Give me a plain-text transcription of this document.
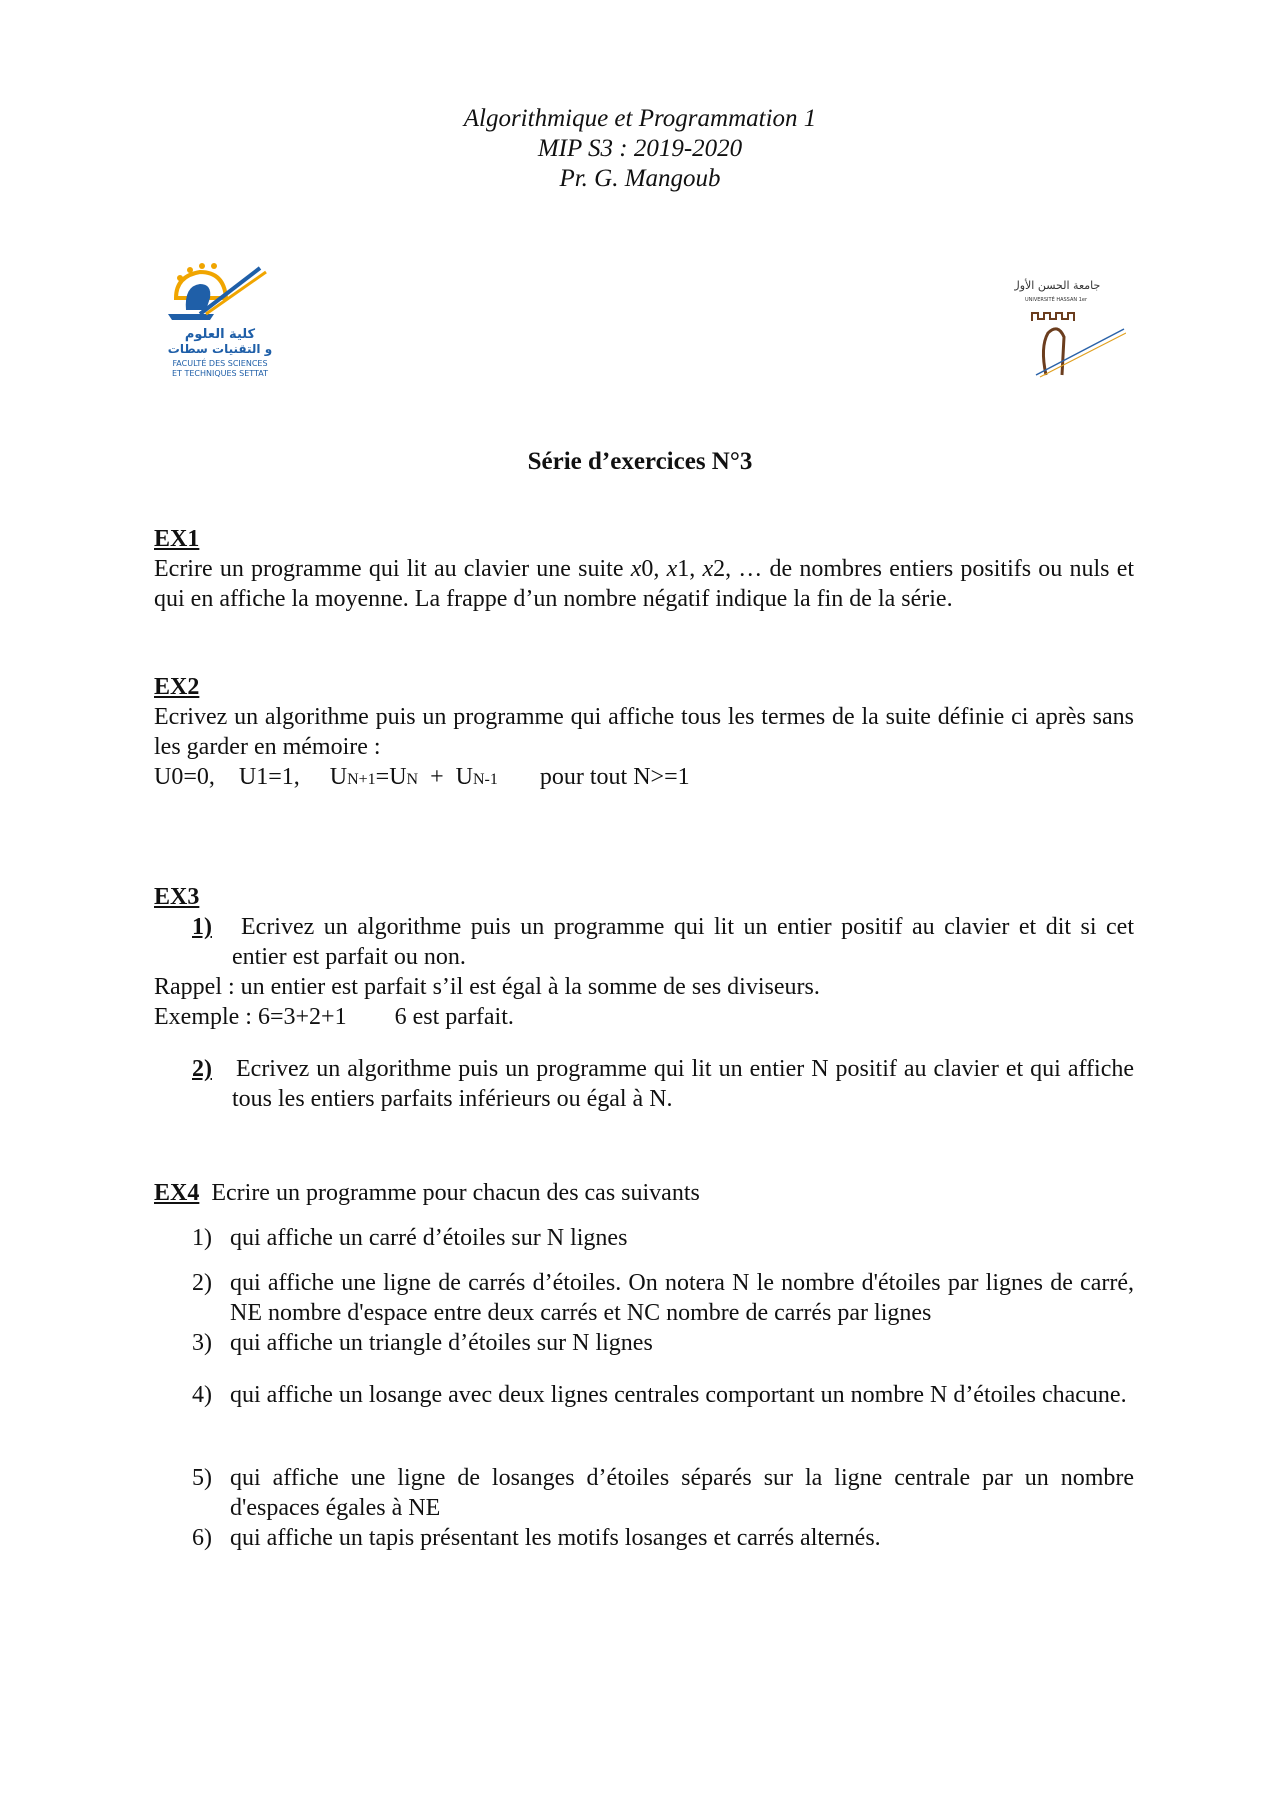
Algorithmique et Programmation 1
MIP S3 : 2019-2020
Pr. G. Mangoub
كلية العلوم
و التقنيات سطات
FACULTÉ DES SCIENCES
ET TECHNIQUES SETTAT
جامعة الحسن الأول
UNIVERSITÉ HASSAN 1er
Série d’exercices N°3
EX1
Ecrire un programme qui lit au clavier une suite x0, x1, x2, … de nombres entiers positifs ou nuls et qui en affiche la moyenne. La frappe d’un nombre négatif indique la fin de la série.
EX2
Ecrivez un algorithme puis un programme qui affiche tous les termes de la suite définie ci après sans les garder en mémoire :
U0=0, U1=1, UN+1=UN +  UN-1 pour tout N>=1
EX3
1)	Ecrivez un algorithme puis un programme qui lit un entier positif au clavier et dit si cet entier est parfait ou non.
Rappel : un entier est parfait s’il est égal à la somme de ses diviseurs.
Exemple : 6=3+2+1 6 est parfait.
2) Ecrivez un algorithme puis un programme qui lit un entier N positif au clavier et qui affiche tous les entiers parfaits inférieurs ou égal à N.
EX4 Ecrire un programme pour chacun des cas suivants
1) qui affiche un carré d’étoiles sur N lignes
2) qui affiche une ligne de carrés d’étoiles. On notera N le nombre d'étoiles par lignes de carré, NE nombre d'espace entre deux carrés et NC nombre de carrés par lignes
3) qui affiche un triangle d’étoiles sur N lignes
4) qui affiche un losange avec deux lignes centrales comportant un nombre N d’étoiles chacune.
5) qui affiche une ligne de losanges d’étoiles séparés sur la ligne centrale par un nombre d'espaces égales à NE
6) qui affiche un tapis présentant les motifs losanges et carrés alternés.
